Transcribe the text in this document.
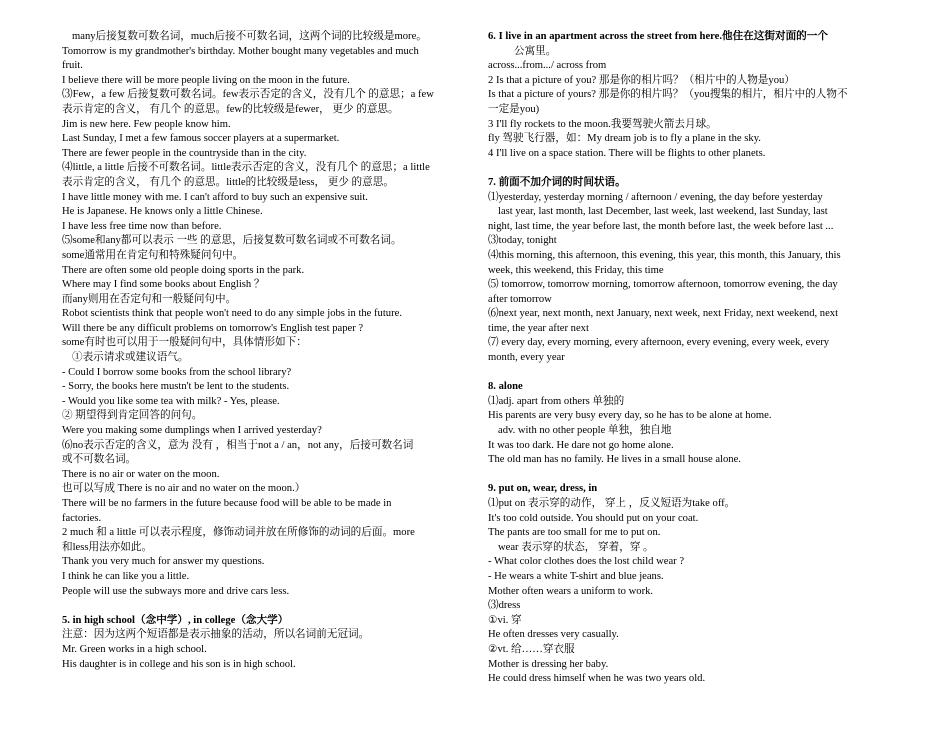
many后接复数可数名词，much后接不可数名词，这两个词的比较级是more。
Tomorrow is my grandmother's birthday. Mother bought many vegetables and much
fruit.
I believe there will be more people living on the moon in the future.
⑶Few，a few 后接复数可数名词。few表示否定的含义，没有几个 的意思；a few
表示肯定的含义， 有几个 的意思。few的比较级是fewer， 更少 的意思。
Jim is new here. Few people know him.
Last Sunday, I met a few famous soccer players at a supermarket.
There are fewer people in the countryside than in the city.
⑷little, a little 后接不可数名词。little表示否定的含义，没有几个 的意思；a little
表示肯定的含义， 有几个 的意思。little的比较级是less， 更少 的意思。
I have little money with me. I can't afford to buy such an expensive suit.
He is Japanese. He knows only a little Chinese.
I have less free time now than before.
⑸some和any都可以表示 一些 的意思，后接复数可数名词或不可数名词。
some通常用在肯定句和特殊疑问句中。
There are often some old people doing sports in the park.
Where may I find some books about English ？
而any则用在否定句和一般疑问句中。
Robot scientists think that people won't need to do any simple jobs in the future.
Will there be any difficult problems on tomorrow's English test paper ?
some有时也可以用于一般疑问句中，具体情形如下：
①表示请求或建议语气。
- Could I borrow some books from the school library?
- Sorry, the books here mustn't be lent to the students.
- Would you like some tea with milk? - Yes, please.
② 期望得到肯定回答的问句。
Were you making some dumplings when I arrived yesterday?
⑹no表示否定的含义，意为 没有 ，相当于not a / an，not any，后接可数名词
或不可数名词。
There is no air or water on the moon.
也可以写成 There is no air and no water on the moon.）
There will be no farmers in the future because food will be able to be made in
factories.
2 much 和 a little 可以表示程度，修饰动词并放在所修饰的动词的后面。more
和less用法亦如此。
Thank you very much for answer my questions.
I think he can like you a little.
People will use the subways more and drive cars less.
5. in high school（念中学）, in college（念大学）
注意：因为这两个短语都是表示抽象的活动，所以名词前无冠词。
Mr. Green works in a high school.
His daughter is in college and his son is in high school.
6. I live in an apartment across the street from here.他住在这街对面的一个
公寓里。
across...from.../ across from
2 Is that a picture of you? 那是你的相片吗？（相片中的人物是you）
Is that a picture of yours? 那是你的相片吗？（you搜集的相片，相片中的人物不
一定是you)
3 I'll fly rockets to the moon.我要驾驶火箭去月球。
fly 驾驶飞行器，如：My dream job is to fly a plane in the sky.
4 I'll live on a space station. There will be flights to other planets.
7. 前面不加介词的时间状语。
⑴yesterday, yesterday morning / afternoon / evening, the day before yesterday
last year, last month, last December, last week, last weekend, last Sunday, last
night, last time, the year before last, the month before last, the week before last ...
⑶today, tonight
⑷this morning, this afternoon, this evening, this year, this month, this January, this
week, this weekend, this Friday, this time
⑸ tomorrow, tomorrow morning, tomorrow afternoon, tomorrow evening, the day
after tomorrow
⑹next year, next month, next January, next week, next Friday, next weekend, next
time, the year after next
⑺ every day, every morning, every afternoon, every evening, every week, every
month, every year
8. alone
⑴adj. apart from others 单独的
His parents are very busy every day, so he has to be alone at home.
adv. with no other people 单独，独自地
It was too dark. He dare not go home alone.
The old man has no family. He lives in a small house alone.
9. put on, wear, dress, in
⑴put on 表示穿的动作， 穿上 ，反义短语为take off。
It's too cold outside. You should put on your coat.
The pants are too small for me to put on.
wear 表示穿的状态， 穿着，穿 。
- What color clothes does the lost child wear ?
- He wears a white T-shirt and blue jeans.
Mother often wears a uniform to work.
⑶dress
①vi. 穿
He often dresses very casually.
②vt. 给……穿衣服
Mother is dressing her baby.
He could dress himself when he was two years old.
